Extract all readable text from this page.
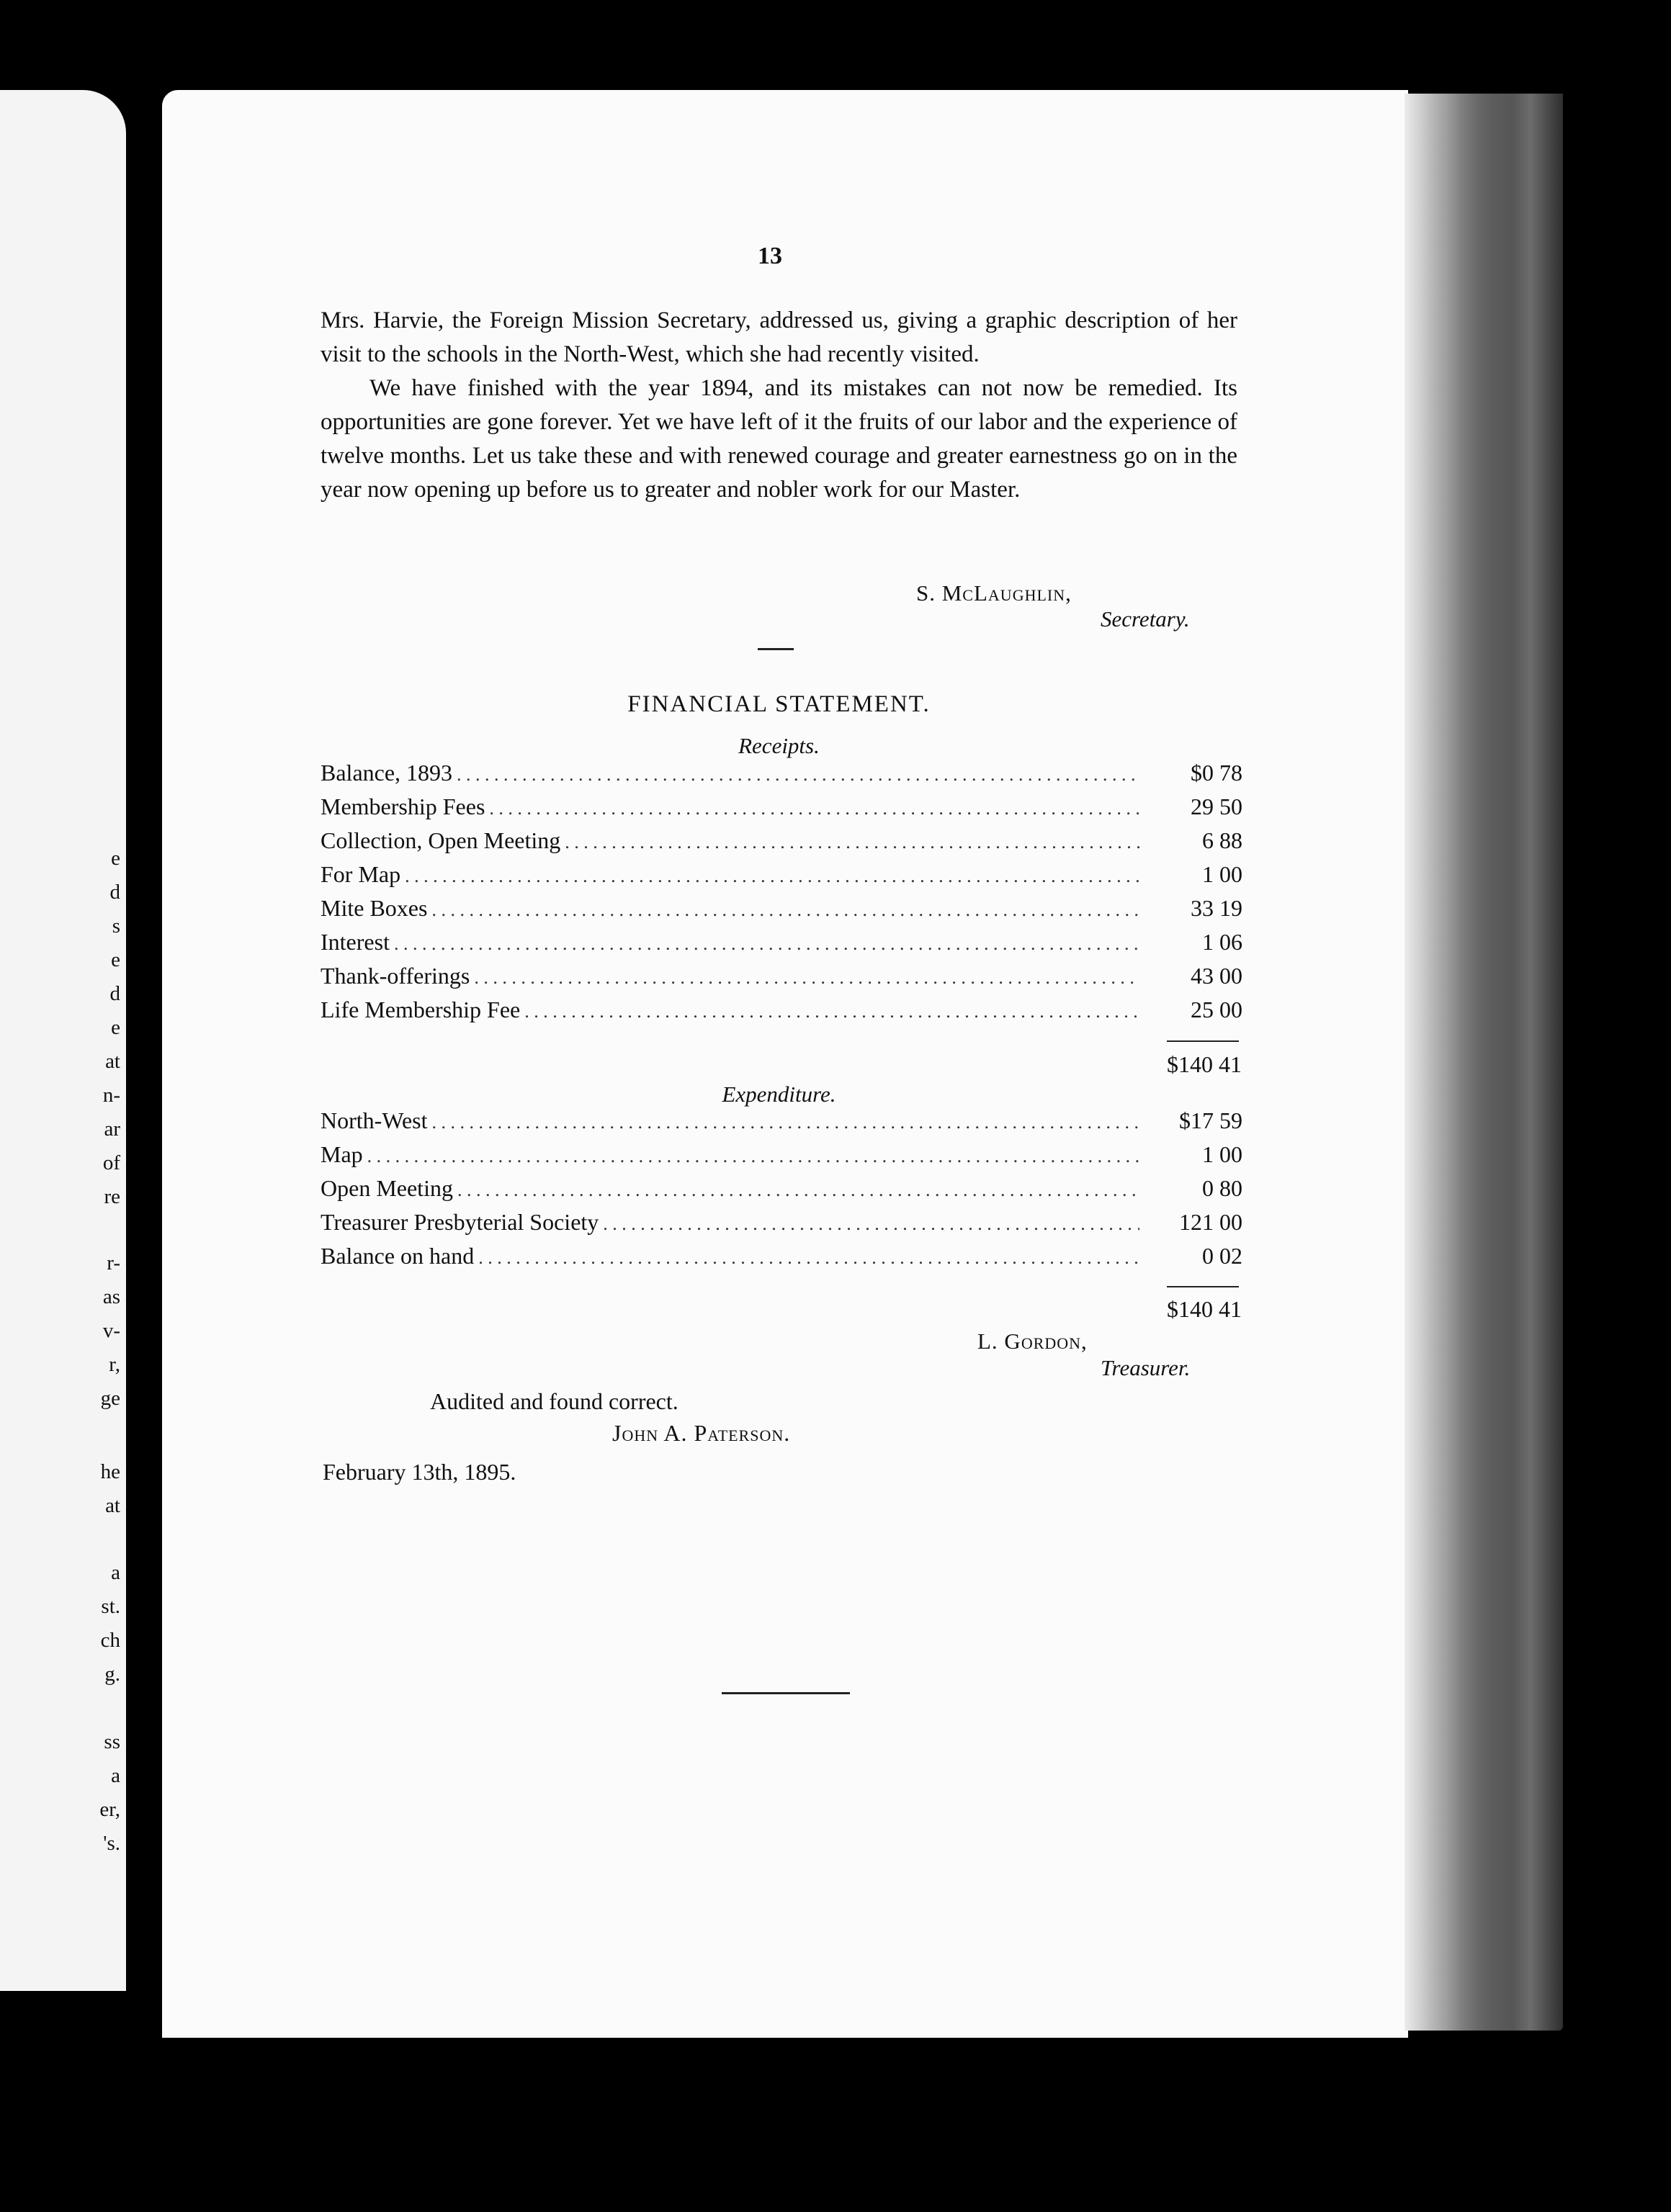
e
d
s
e
d
e
at
n-
ar
of
re
r-
as
v-
r,
ge
he
at
a
st.
ch
g.
ss
a
er,
's.
13

Mrs. Harvie, the Foreign Mission Secretary, addressed us, giving a graphic description of her visit to the schools in the North-West, which she had recently visited.

We have finished with the year 1894, and its mistakes can not now be remedied. Its opportunities are gone forever. Yet we have left of it the fruits of our labor and the experience of twelve months. Let us take these and with renewed courage and greater earnestness go on in the year now opening up before us to greater and nobler work for our Master.

S. McLaughlin,
Secretary.
FINANCIAL STATEMENT.
Receipts.
Balance, 1893 . . .	$0 78
Membership Fees . . .	29 50
Collection, Open Meeting . . .	6 88
For Map . . .	1 00
Mite Boxes . . .	33 19
Interest . . .	1 06
Thank-offerings . . .	43 00
Life Membership Fee . . .	25 00
$140 41
Expenditure.
North-West . . .	$17 59
Map . . .	1 00
Open Meeting . . .	0 80
Treasurer Presbyterial Society . . .	121 00
Balance on hand . . .	0 02
$140 41
L. Gordon,
Treasurer.
Audited and found correct.
John A. Paterson.
February 13th, 1895.
